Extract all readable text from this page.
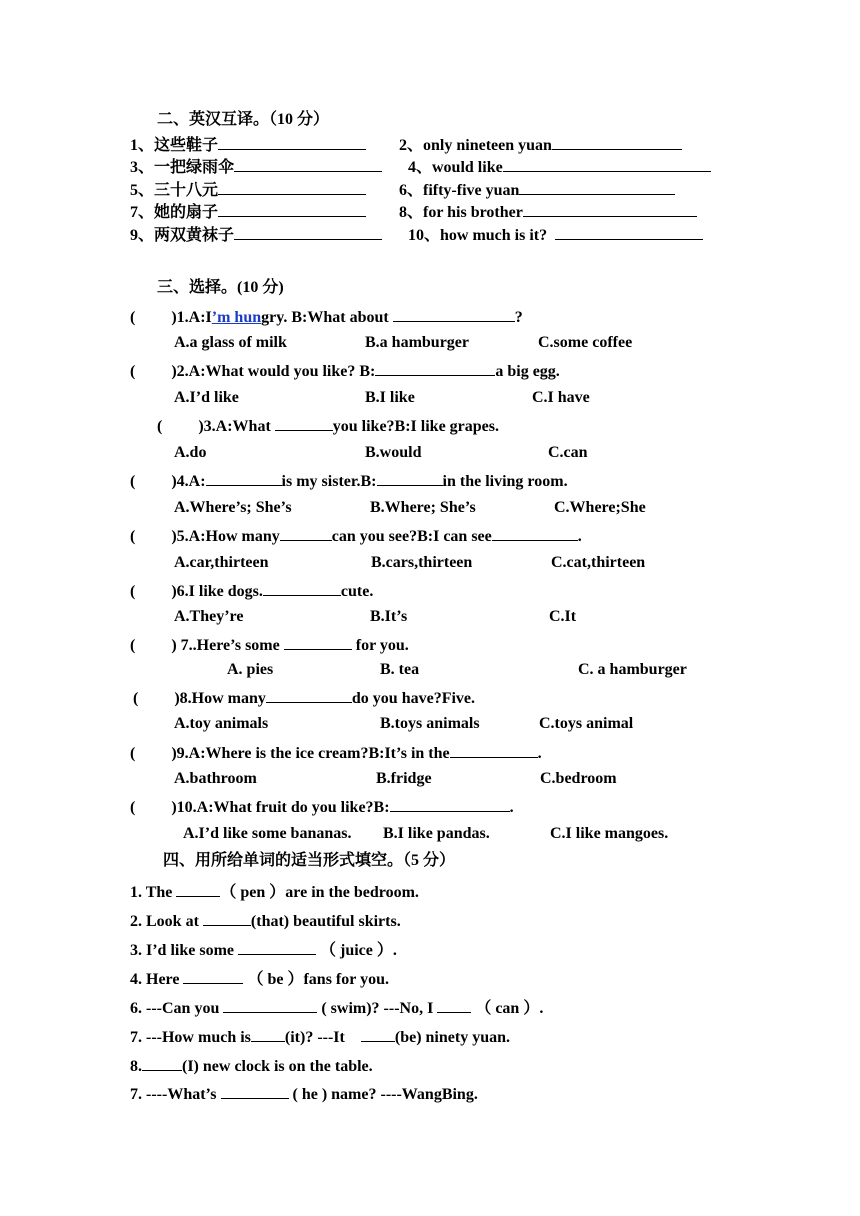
二、英汉互译。（10 分）
1、这些鞋子	2、only nineteen yuan
3、一把绿雨伞	4、would like
5、三十八元	6、fifty-five yuan
7、她的扇子	8、for his brother
9、两双黄袜子	10、how much is it?
三、选择。(10 分)
( )1.A:I’m hungry. B:What about	?
A.a glass of milk	B.a hamburger	C.some coffee
( )2.A:What would you like? B:	a big egg.
A.I’d like	B.I like	C.I have
( )3.A:What	you like?B:I like grapes.
A.do	B.would	C.can
( )4.A:	is my sister.B:	in the living room.
A.Where’s; She’s	B.Where; She’s	C.Where;She
( )5.A:How many	can you see?B:I can see	.
A.car,thirteen	B.cars,thirteen	C.cat,thirteen
( )6.I like dogs.	cute.
A.They’re	B.It’s	C.It
( ) 7..Here’s some	for you.
A. pies	B. tea	C. a hamburger
( )8.How many	do you have?Five.
A.toy animals	B.toys animals	C.toys animal
( )9.A:Where is the ice cream?B:It’s in the	.
A.bathroom	B.fridge	C.bedroom
( )10.A:What fruit do you like?B:	.
A.I’d like some bananas. B.I like pandas.	C.I like mangoes.
四、用所给单词的适当形式填空。（5 分）
1. The	（ pen ）are in the bedroom.
2. Look at	(that) beautiful skirts.
3. I’d like some	（ juice ）.
4. Here	（ be ）fans for you.
6. ---Can you	( swim)? ---No, I	（ can ）.
7. ---How much is (it)? ---It	(be) ninety yuan.
8.	(I) new clock is on the table.
7. ----What’s	( he ) name? ----WangBing.
